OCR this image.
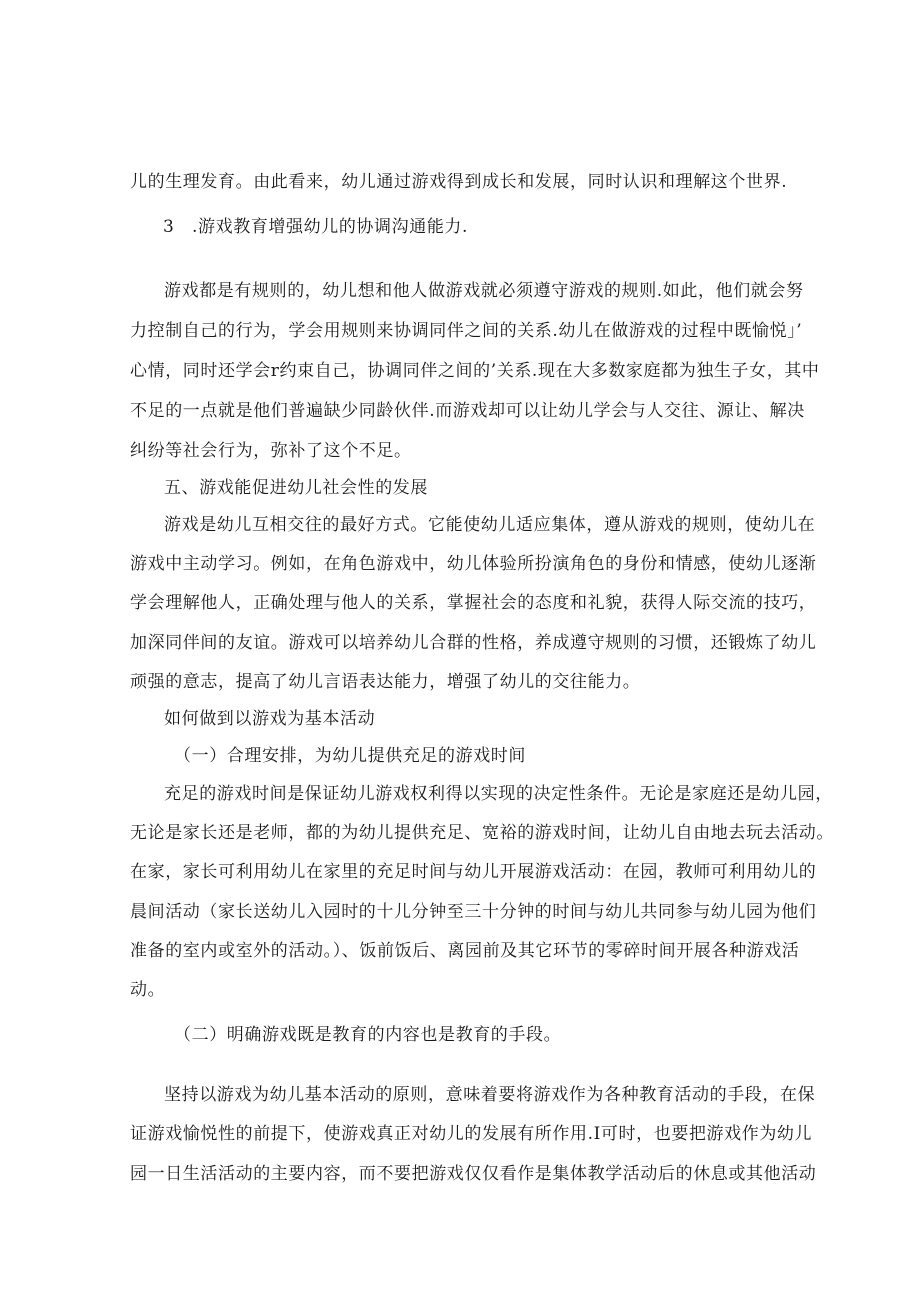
儿的生理发育。由此看来，幼儿通过游戏得到成长和发展，同时认识和理解这个世界.
3　.游戏教育增强幼儿的协调沟通能力.
游戏都是有规则的，幼儿想和他人做游戏就必须遵守游戏的规则.如此，他们就会努
力控制自己的行为，学会用规则来协调同伴之间的关系.幼儿在做游戏的过程中既愉悦」’
心情，同时还学会r约束自己，协调同伴之间的’关系.现在大多数家庭都为独生子女，其中
不足的一点就是他们普遍缺少同龄伙伴.而游戏却可以让幼儿学会与人交往、源让、解决
纠纷等社会行为，弥补了这个不足。
五、游戏能促进幼儿社会性的发展
游戏是幼儿互相交往的最好方式。它能使幼儿适应集体，遵从游戏的规则，使幼儿在
游戏中主动学习。例如，在角色游戏中，幼儿体验所扮演角色的身份和情感，使幼儿逐渐
学会理解他人，正确处理与他人的关系，掌握社会的态度和礼貌，获得人际交流的技巧，
加深同伴间的友谊。游戏可以培养幼儿合群的性格，养成遵守规则的习惯，还锻炼了幼儿
顽强的意志，提高了幼儿言语表达能力，增强了幼儿的交往能力。
如何做到以游戏为基本活动
（一）合理安排，为幼儿提供充足的游戏时间
充足的游戏时间是保证幼儿游戏权利得以实现的决定性条件。无论是家庭还是幼儿园，
无论是家长还是老师，都的为幼儿提供充足、宽裕的游戏时间，让幼儿自由地去玩去活动。
在家，家长可利用幼儿在家里的充足时间与幼儿开展游戏活动：在园，教师可利用幼儿的
晨间活动（家长送幼儿入园时的十儿分钟至三十分钟的时间与幼儿共同参与幼儿园为他们
准备的室内或室外的活动。）、饭前饭后、离园前及其它环节的零碎时间开展各种游戏活
动。
（二）明确游戏既是教育的内容也是教育的手段。
坚持以游戏为幼儿基本活动的原则，意味着要将游戏作为各种教育活动的手段，在保
证游戏愉悦性的前提下，使游戏真正对幼儿的发展有所作用.I可时，也要把游戏作为幼儿
园一日生活活动的主要内容，而不要把游戏仅仅看作是集体教学活动后的休息或其他活动
